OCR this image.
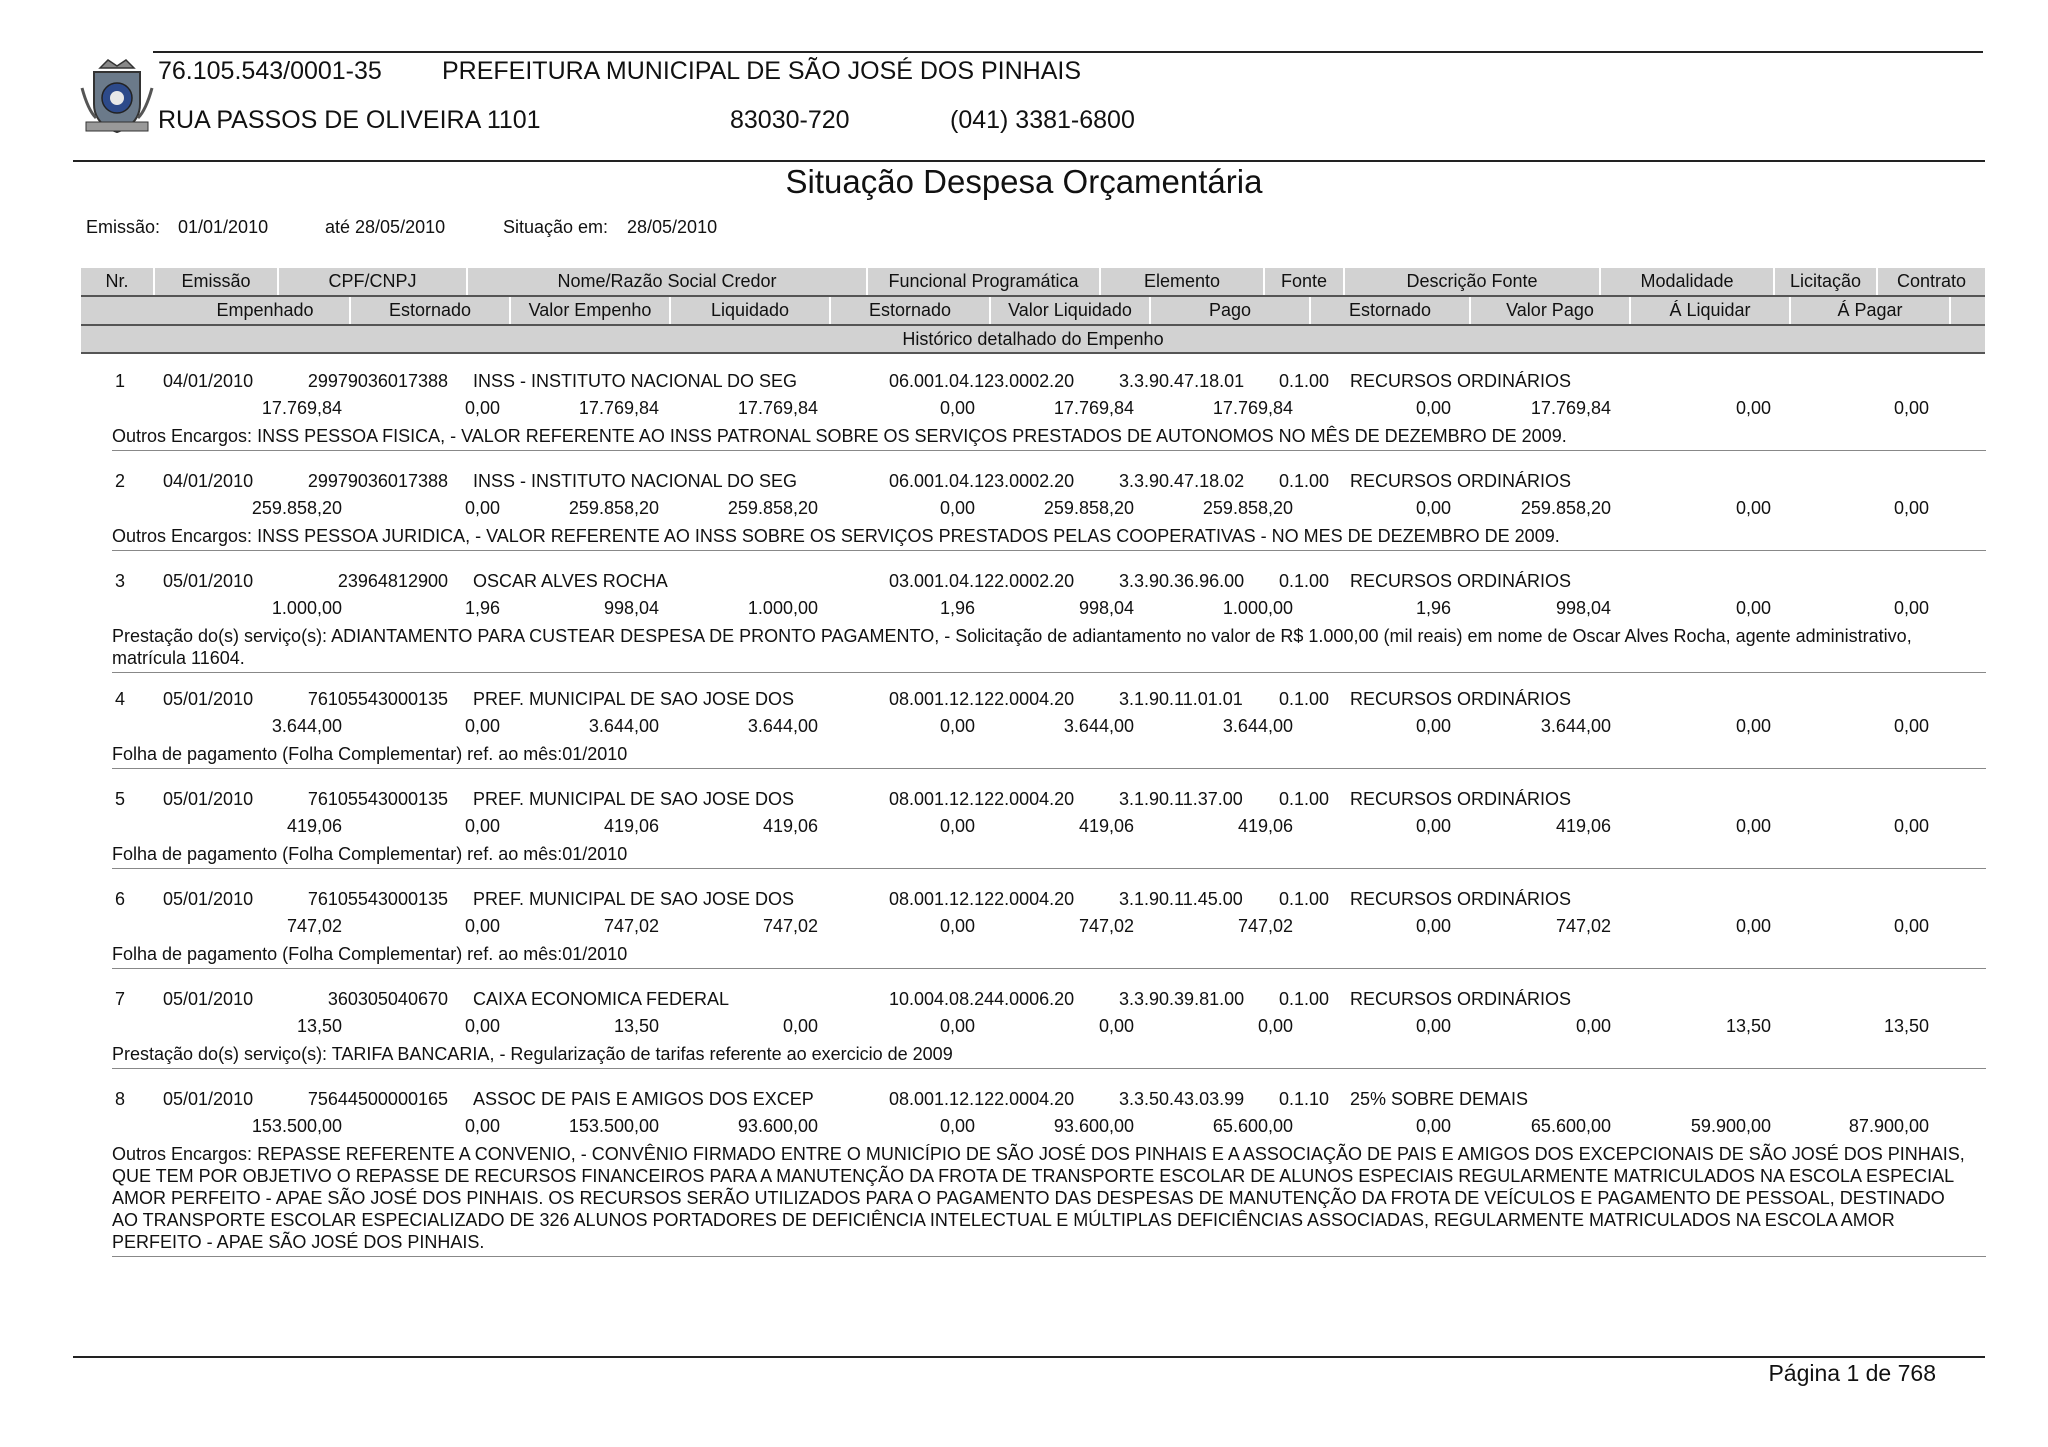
76.105.543/0001-35 PREFEITURA MUNICIPAL DE SÃO JOSÉ DOS PINHAIS
RUA PASSOS DE OLIVEIRA 1101	83030-720	(041) 3381-6800
Situação Despesa Orçamentária
Emissão: 01/01/2010	até 28/05/2010	Situação em: 28/05/2010
Nr.	Emissão	CPF/CNPJ	Nome/Razão Social Credor	Funcional Programática	Elemento	Fonte	Descrição Fonte	Modalidade	Licitação	Contrato
Empenhado	Estornado	Valor Empenho	Liquidado	Estornado	Valor Liquidado	Pago	Estornado	Valor Pago	Á Liquidar	Á Pagar
Histórico detalhado do Empenho
1 04/01/2010	29979036017388 INSS - INSTITUTO NACIONAL DO SEG	06.001.04.123.0002.20 3.3.90.47.18.01 0.1.00 RECURSOS ORDINÁRIOS
17.769,84	0,00	17.769,84	17.769,84	0,00	17.769,84	17.769,84	0,00	17.769,84	0,00	0,00
Outros Encargos: INSS PESSOA FISICA, - VALOR REFERENTE AO INSS PATRONAL SOBRE OS SERVIÇOS PRESTADOS DE AUTONOMOS NO MÊS DE DEZEMBRO DE 2009.
2 04/01/2010	29979036017388 INSS - INSTITUTO NACIONAL DO SEG	06.001.04.123.0002.20 3.3.90.47.18.02 0.1.00 RECURSOS ORDINÁRIOS
259.858,20	0,00	259.858,20	259.858,20	0,00	259.858,20	259.858,20	0,00	259.858,20	0,00	0,00
Outros Encargos: INSS PESSOA JURIDICA, - VALOR REFERENTE AO INSS SOBRE OS SERVIÇOS PRESTADOS PELAS COOPERATIVAS - NO MES DE DEZEMBRO DE 2009.
3 05/01/2010	23964812900 OSCAR ALVES ROCHA	03.001.04.122.0002.20 3.3.90.36.96.00 0.1.00 RECURSOS ORDINÁRIOS
1.000,00	1,96	998,04	1.000,00	1,96	998,04	1.000,00	1,96	998,04	0,00	0,00
Prestação do(s) serviço(s): ADIANTAMENTO PARA CUSTEAR DESPESA DE PRONTO PAGAMENTO, - Solicitação de adiantamento no valor de R$ 1.000,00 (mil reais) em nome de Oscar Alves Rocha, agente administrativo, matrícula 11604.
4 05/01/2010	76105543000135 PREF. MUNICIPAL DE SAO JOSE DOS	08.001.12.122.0004.20 3.1.90.11.01.01 0.1.00 RECURSOS ORDINÁRIOS
3.644,00	0,00	3.644,00	3.644,00	0,00	3.644,00	3.644,00	0,00	3.644,00	0,00	0,00
Folha de pagamento (Folha Complementar) ref. ao mês:01/2010
5 05/01/2010	76105543000135 PREF. MUNICIPAL DE SAO JOSE DOS	08.001.12.122.0004.20 3.1.90.11.37.00 0.1.00 RECURSOS ORDINÁRIOS
419,06	0,00	419,06	419,06	0,00	419,06	419,06	0,00	419,06	0,00	0,00
Folha de pagamento (Folha Complementar) ref. ao mês:01/2010
6 05/01/2010	76105543000135 PREF. MUNICIPAL DE SAO JOSE DOS	08.001.12.122.0004.20 3.1.90.11.45.00 0.1.00 RECURSOS ORDINÁRIOS
747,02	0,00	747,02	747,02	0,00	747,02	747,02	0,00	747,02	0,00	0,00
Folha de pagamento (Folha Complementar) ref. ao mês:01/2010
7 05/01/2010	360305040670 CAIXA ECONOMICA FEDERAL	10.004.08.244.0006.20 3.3.90.39.81.00 0.1.00 RECURSOS ORDINÁRIOS
13,50	0,00	13,50	0,00	0,00	0,00	0,00	0,00	0,00	13,50	13,50
Prestação do(s) serviço(s): TARIFA BANCARIA, - Regularização de tarifas referente ao exercicio de 2009
8 05/01/2010	75644500000165 ASSOC DE PAIS E AMIGOS DOS EXCEP	08.001.12.122.0004.20 3.3.50.43.03.99 0.1.10 25% SOBRE DEMAIS
153.500,00	0,00	153.500,00	93.600,00	0,00	93.600,00	65.600,00	0,00	65.600,00	59.900,00	87.900,00
Outros Encargos: REPASSE REFERENTE A CONVENIO, - CONVÊNIO FIRMADO ENTRE O MUNICÍPIO DE SÃO JOSÉ DOS PINHAIS E A ASSOCIAÇÃO DE PAIS E AMIGOS DOS EXCEPCIONAIS DE SÃO JOSÉ DOS PINHAIS, QUE TEM POR OBJETIVO O REPASSE DE RECURSOS FINANCEIROS PARA A MANUTENÇÃO DA FROTA DE TRANSPORTE ESCOLAR DE ALUNOS ESPECIAIS REGULARMENTE MATRICULADOS NA ESCOLA ESPECIAL AMOR PERFEITO - APAE SÃO JOSÉ DOS PINHAIS. OS RECURSOS SERÃO UTILIZADOS PARA O PAGAMENTO DAS DESPESAS DE MANUTENÇÃO DA FROTA DE VEÍCULOS E PAGAMENTO DE PESSOAL, DESTINADO AO TRANSPORTE ESCOLAR ESPECIALIZADO DE 326 ALUNOS PORTADORES DE DEFICIÊNCIA INTELECTUAL E MÚLTIPLAS DEFICIÊNCIAS ASSOCIADAS, REGULARMENTE MATRICULADOS NA ESCOLA AMOR PERFEITO - APAE SÃO JOSÉ DOS PINHAIS.
Página 1 de 768
